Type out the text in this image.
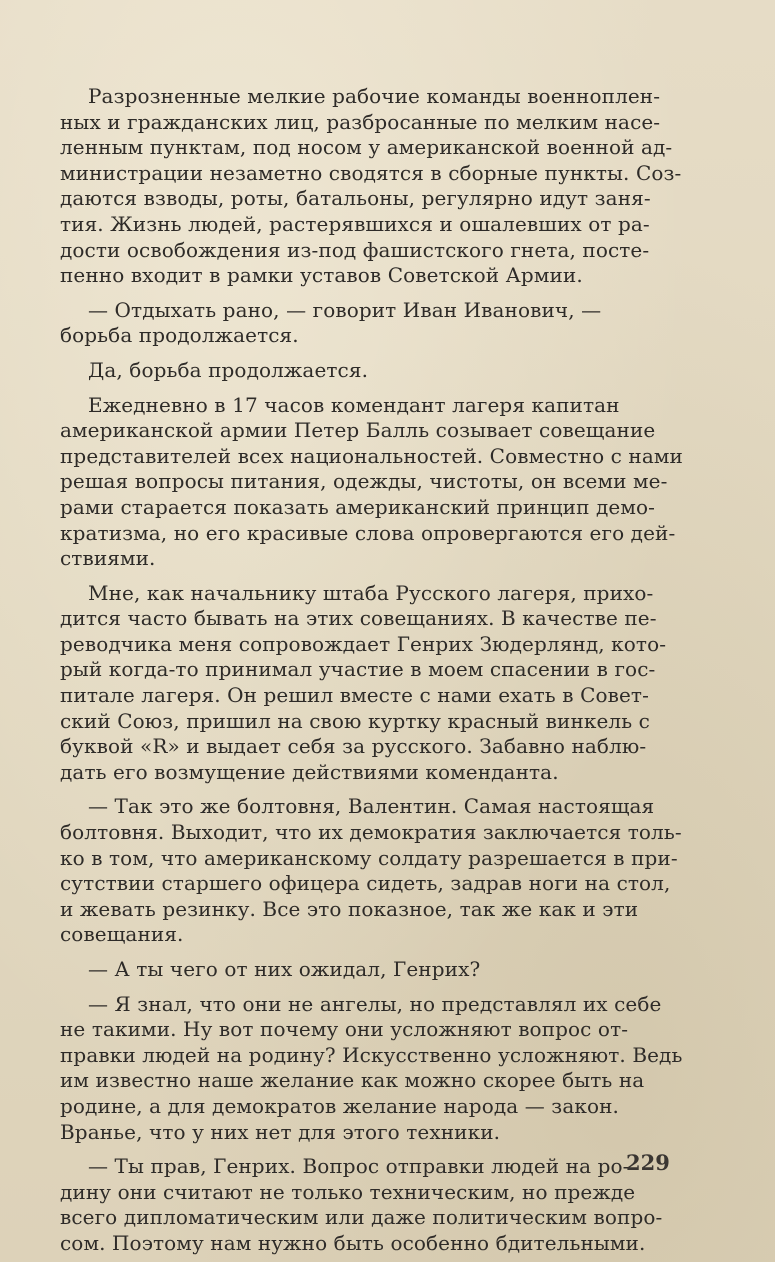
Разрозненные мелкие рабочие команды военноплен-
ных и гражданских лиц, разбросанные по мелким насе-
ленным пунктам, под носом у американской военной ад-
министрации незаметно сводятся в сборные пункты. Соз-
даются взводы, роты, батальоны, регулярно идут заня-
тия. Жизнь людей, растерявшихся и ошалевших от ра-
дости освобождения из-под фашистского гнета, посте-
пенно входит в рамки уставов Советской Армии.
— Отдыхать рано, — говорит Иван Иванович, —
борьба продолжается.
Да, борьба продолжается.
Ежедневно в 17 часов комендант лагеря капитан
американской армии Петер Балль созывает совещание
представителей всех национальностей. Совместно с нами
решая вопросы питания, одежды, чистоты, он всеми ме-
рами старается показать американский принцип демо-
кратизма, но его красивые слова опровергаются его дей-
ствиями.
Мне, как начальнику штаба Русского лагеря, прихо-
дится часто бывать на этих совещаниях. В качестве пе-
реводчика меня сопровождает Генрих Зюдерлянд, кото-
рый когда-то принимал участие в моем спасении в гос-
питале лагеря. Он решил вместе с нами ехать в Совет-
ский Союз, пришил на свою куртку красный винкель с
буквой «R» и выдает себя за русского. Забавно наблю-
дать его возмущение действиями коменданта.
— Так это же болтовня, Валентин. Самая настоящая
болтовня. Выходит, что их демократия заключается толь-
ко в том, что американскому солдату разрешается в при-
сутствии старшего офицера сидеть, задрав ноги на стол,
и жевать резинку. Все это показное, так же как и эти
совещания.
— А ты чего от них ожидал, Генрих?
— Я знал, что они не ангелы, но представлял их себе
не такими. Ну вот почему они усложняют вопрос от-
правки людей на родину? Искусственно усложняют. Ведь
им известно наше желание как можно скорее быть на
родине, а для демократов желание народа — закон.
Вранье, что у них нет для этого техники.
— Ты прав, Генрих. Вопрос отправки людей на ро-
дину они считают не только техническим, но прежде
всего дипломатическим или даже политическим вопро-
сом. Поэтому нам нужно быть особенно бдительными.
229
